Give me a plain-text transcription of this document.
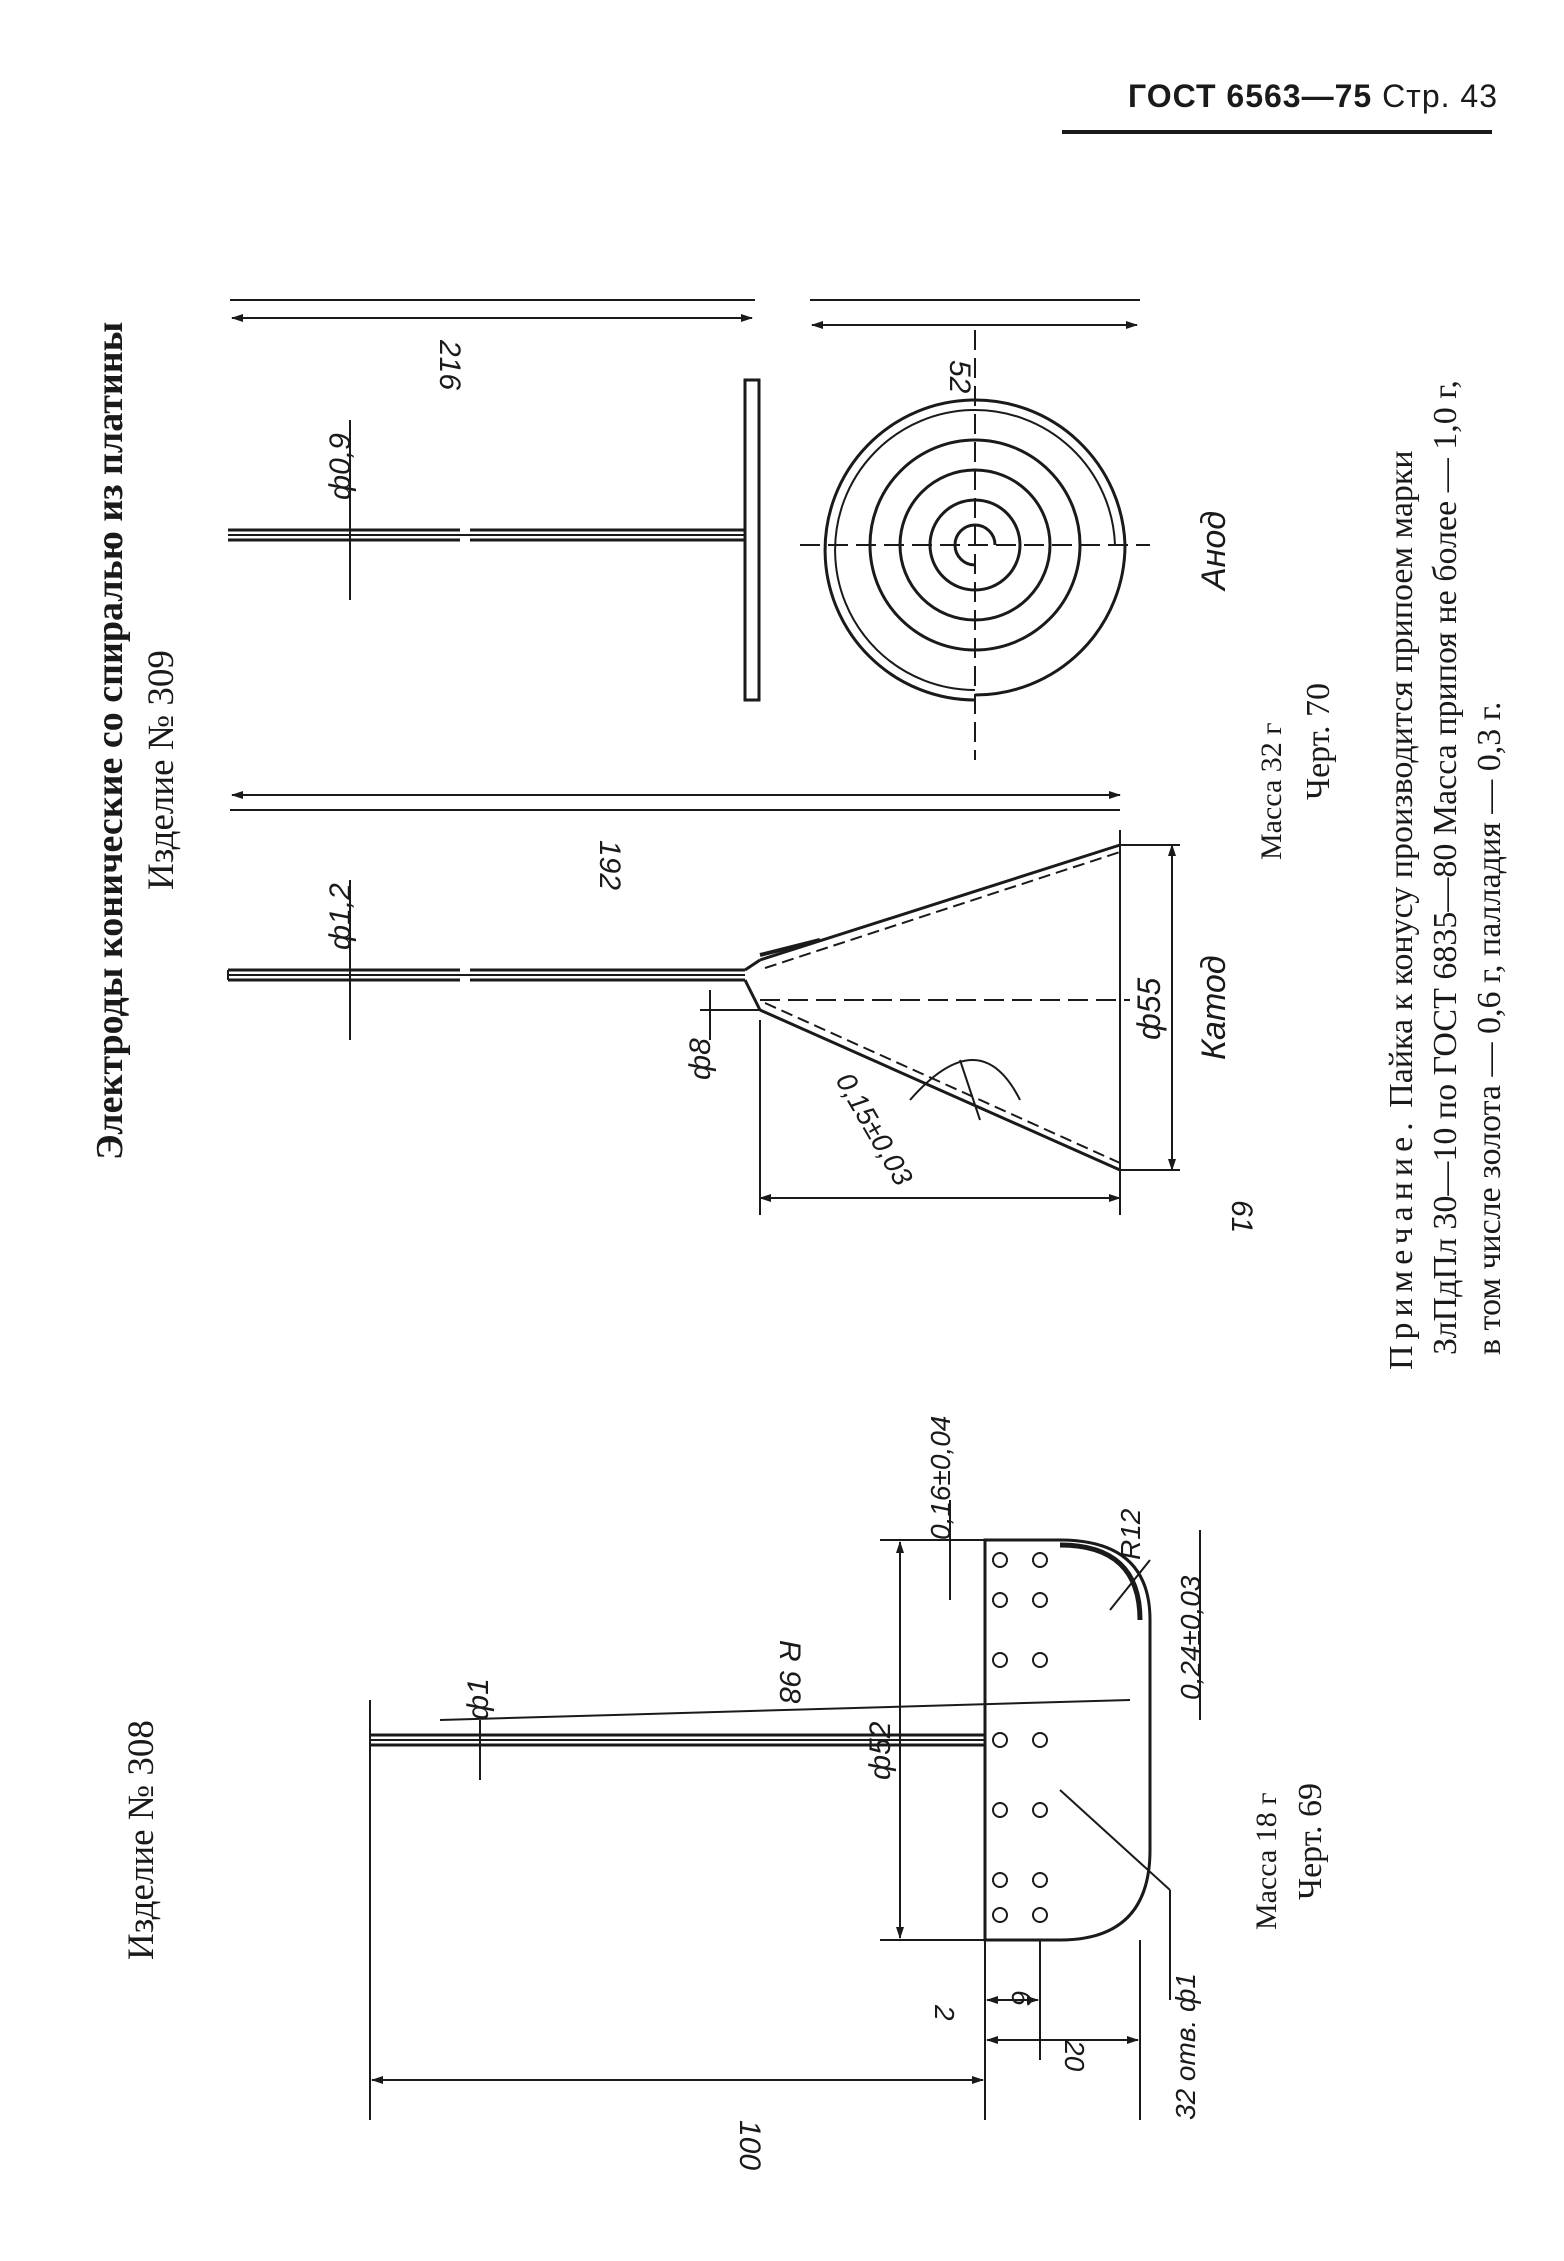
ГОСТ 6563—75 Стр. 43
Электроды конические со спиралью из платины Изделие № 309
Изделие № 308
Масса 32 г Черт. 70
Масса 18 г Черт. 69
Примечание. Пайка к конусу производится припоем марки ЗлПдПл 30—10 по ГОСТ 6835—80 Масса припоя не более — 1,0 г, в том числе золота — 0,6 г, палладия — 0,3 г.
ф1,2
192
ф8
ф55 Катод
61
0,15±0,03
ф0,9
216	52
Анод
ф1	R 98
ф52
0,16±0,04	R12
0,24±0,03
2
6
20	32 отв. ф1
100
